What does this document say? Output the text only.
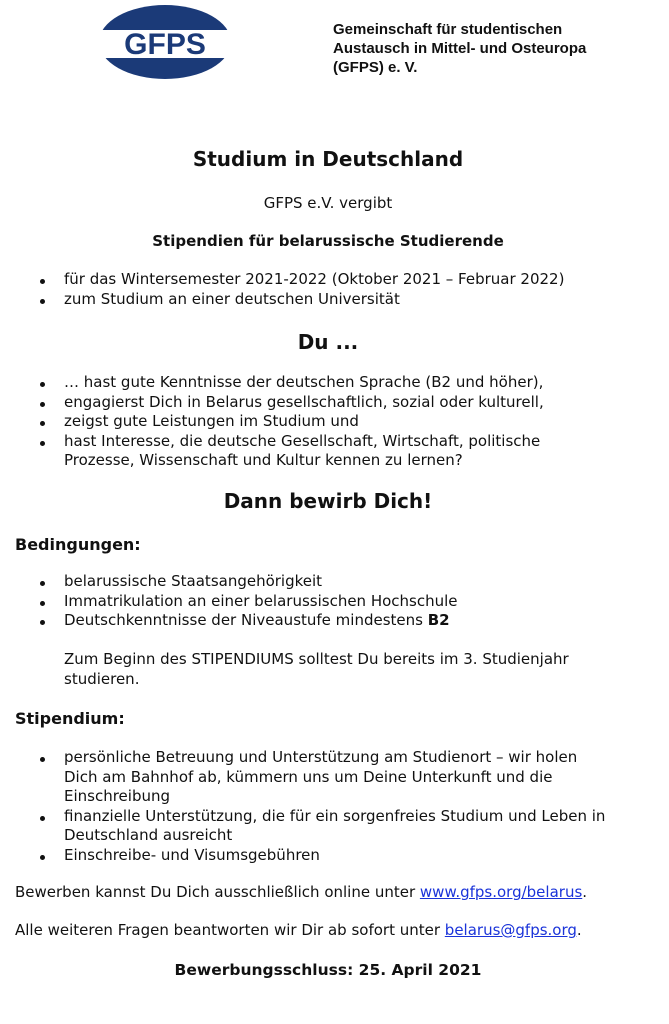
GFPS	Gemeinschaft für studentischen
Austausch in Mittel- und Osteuropa
(GFPS) e. V.
Studium in Deutschland
GFPS e.V. vergibt
Stipendien für belarussische Studierende
für das Wintersemester 2021-2022 (Oktober 2021 – Februar 2022)
zum Studium an einer deutschen Universität
Du ...
… hast gute Kenntnisse der deutschen Sprache (B2 und höher),
engagierst Dich in Belarus gesellschaftlich, sozial oder kulturell,
zeigst gute Leistungen im Studium und
hast Interesse, die deutsche Gesellschaft, Wirtschaft, politische
Prozesse, Wissenschaft und Kultur kennen zu lernen?
Dann bewirb Dich!
Bedingungen:
belarussische Staatsangehörigkeit
Immatrikulation an einer belarussischen Hochschule
Deutschkenntnisse der Niveaustufe mindestens B2
Zum Beginn des STIPENDIUMS solltest Du bereits im 3. Studienjahr
studieren.
Stipendium:
persönliche Betreuung und Unterstützung am Studienort – wir holen
Dich am Bahnhof ab, kümmern uns um Deine Unterkunft und die
Einschreibung
finanzielle Unterstützung, die für ein sorgenfreies Studium und Leben in
Deutschland ausreicht
Einschreibe- und Visumsgebühren
Bewerben kannst Du Dich ausschließlich online unter www.gfps.org/belarus.
Alle weiteren Fragen beantworten wir Dir ab sofort unter belarus@gfps.org.
Bewerbungsschluss: 25. April 2021
